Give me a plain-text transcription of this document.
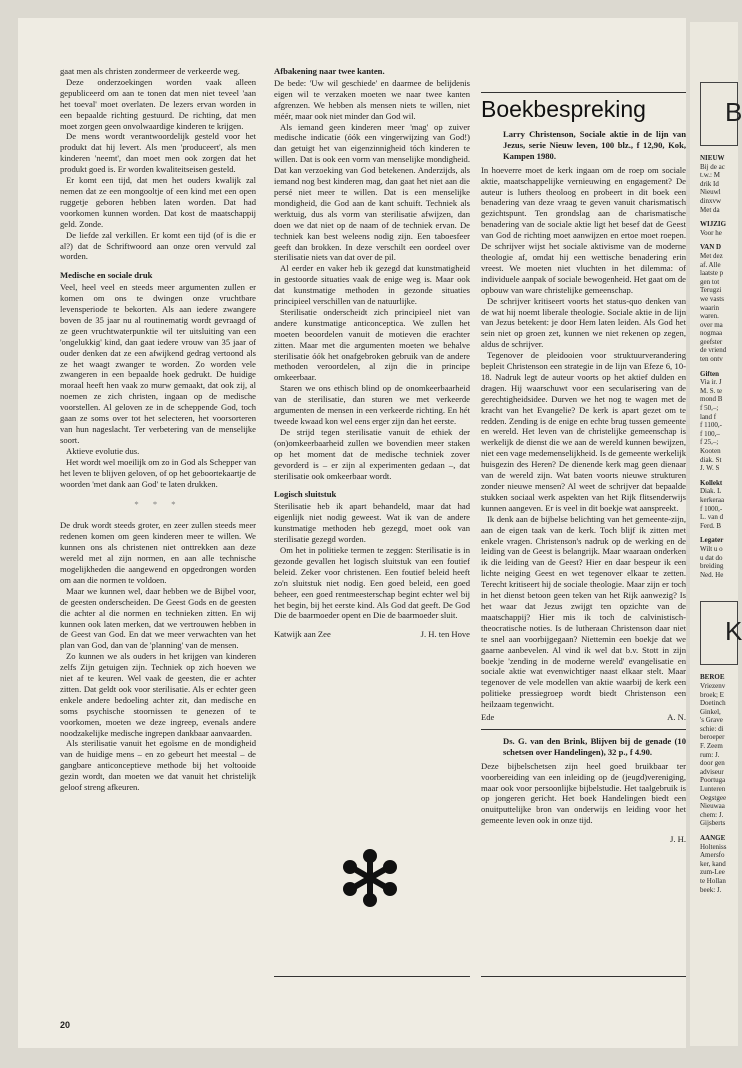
gaat men als christen zondermeer de verkeerde weg.

Deze onderzoekingen worden vaak alleen gepubliceerd om aan te tonen dat men niet teveel 'aan het toeval' moet overlaten. De lezers ervan worden in een bepaalde richting gestuurd. De richting, dat men moet zorgen geen onvolwaardige kinderen te krijgen.

De mens wordt verantwoordelijk gesteld voor het produkt dat hij levert. Als men 'produceert', als men kinderen 'neemt', dan moet men ook zorgen dat het produkt goed is. Er worden kwaliteitseisen gesteld.

Er komt een tijd, dat men het ouders kwalijk zal nemen dat ze een mongooltje of een kind met een open ruggetje geboren hebben laten worden. Dat had voorkomen kunnen worden. Dat kost de maatschappij geld. Zonde.

De liefde zal verkillen. Er komt een tijd (of is die er al?) dat de Schriftwoord aan onze oren vervuld zal worden.

Medische en sociale druk

Veel, heel veel en steeds meer argumenten zullen er komen om ons te dwingen onze vruchtbare levensperiode te bekorten. Als aan iedere zwangere boven de 35 jaar nu al routinematig wordt gevraagd of ze geen vruchtwaterpunktie wil ter uitsluiting van een 'ongelukkig' kind, dan gaat iedere vrouw van 35 jaar of ouder denken dat ze een afwijkend gedrag vertoond als ze het waagt zwanger te worden. Zo worden vele zwangeren in een bepaalde hoek gedrukt. De huidige moraal heeft hen vaak zo murw gemaakt, dat ook zij, al noemen ze zich christen, ingaan op de medische voorstellen. Al geloven ze in de scheppende God, toch gaan ze soms over tot het selecteren, het voorsorteren van hun nageslacht. Ter verbetering van de menselijke soort.

Aktieve evolutie dus.

Het wordt wel moeilijk om zo in God als Schepper van het leven te blijven geloven, of op het geboortekaartje de woorden 'met dank aan God' te laten drukken.

* * *

De druk wordt steeds groter, en zeer zullen steeds meer redenen komen om geen kinderen meer te willen. We kunnen ons als christenen niet onttrekken aan deze wereld met al zijn normen, en aan alle technische mogelijkheden die aangewend en opgedrongen worden om aan die normen te voldoen.

Maar we kunnen wel, daar hebben we de Bijbel voor, de geesten onderscheiden. De Geest Gods en de geesten die achter al die normen en technieken zitten. En wij kunnen ook laten merken, dat we vertrouwen hebben in de Geest van God. En dat we meer verwachten van het plan van God, dan van de 'planning' van de mensen.

Zo kunnen we als ouders in het krijgen van kinderen zelfs Zijn getuigen zijn. Techniek op zich hoeven we niet af te keuren. Wel vaak de geesten, die er achter zitten. Dat geldt ook voor sterilisatie. Als er echter geen enkele andere bedoeling achter zit, dan medische en soms psychische stoornissen te genezen of te voorkomen, moeten we deze ingreep, evenals andere noodzakelijke medische ingrepen dankbaar aanvaarden.

Als sterilisatie vanuit het egoïsme en de mondigheid van de huidige mens – en zo gebeurt het meestal – de gangbare anticonceptieve methode bij het voltooide gezin wordt, dan moeten we dat vanuit het christelijk geloof streng afkeuren.

Afbakening naar twee kanten.

De bede: 'Uw wil geschiede' en daarmee de belijdenis eigen wil te verzaken moeten we naar twee kanten afgrenzen. We hebben als mensen niets te willen, niet méér, maar ook niet minder dan God wil.

Als iemand geen kinderen meer 'mag' op zuiver medische indicatie (óók een vingerwijzing van God!) dan getuigt het van eigenzinnigheid tóch kinderen te willen. Dat is ook een vorm van menselijke mondigheid. Dat kan verzoeking van God betekenen. Anderzijds, als iemand nog best kinderen mag, dan gaat het niet aan die persé niet meer te willen. Dat is een menselijke mondigheid, die God aan de kant schuift. Techniek als werktuig, dus als vorm van sterilisatie afwijzen, dan doen we dat niet op de naam of de techniek ervan. De techniek kan best weleens nodig zijn. Een taboesfeer geeft dan brokken. In deze verschilt een oordeel over sterilisatie niets van dat over de pil.

Al eerder en vaker heb ik gezegd dat kunstmatigheid in gestoorde situaties vaak de enige weg is. Maar ook dat kunstmatige methoden in gezonde situaties principieel verschillen van de natuurlijke.

Sterilisatie onderscheidt zich principieel niet van andere kunstmatige anticonceptica. We zullen het moeten beoordelen vanuit de motieven die erachter zitten. Maar met die argumenten moeten we behalve sterilisatie óók het onafgebroken gebruik van de andere methoden veroordelen, al zijn die in principe omkeerbaar.

Staren we ons ethisch blind op de onomkeerbaarheid van de sterilisatie, dan sturen we met verkeerde argumenten de mensen in een verkeerde richting. En hét tweede kwaad kon wel eens erger zijn dan het eerste.

De strijd tegen sterilisatie vanuit de ethiek der (on)omkeerbaarheid zullen we bovendien meer staken op het moment dat de medische techniek zover gevorderd is – er zijn al experimenten gedaan –, dat sterilisatie ook omkeerbaar wordt.

Logisch sluitstuk

Sterilisatie heb ik apart behandeld, maar dat had eigenlijk niet nodig geweest. Wat ik van de andere kunstmatige methoden heb gezegd, moet ook van sterilisatie gezegd worden.

Om het in politieke termen te zeggen: Sterilisatie is in gezonde gevallen het logisch sluitstuk van een foutief beleid. Zeker voor christenen. Een foutief beleid heeft zo'n sluitstuk niet nodig. Een goed beleid, een goed beheer, een goed rentmeesterschap begint echter wel bij het begin, bij het eerste kind. Als God dat geeft. De God Die de baarmoeder opent en Die de baarmoeder sluit.

Katwijk aan Zee	J. H. ten Hove
Boekbespreking
Larry Christenson, Sociale aktie in de lijn van Jezus, serie Nieuw leven, 100 blz., f 12,90, Kok, Kampen 1980.

In hoeverre moet de kerk ingaan om de roep om sociale aktie, maatschappelijke vernieuwing en engagement? De auteur is luthers theoloog en probeert in dit boek een benadering van deze vraag te geven vanuit charismatisch gezichtspunt. Ten grondslag aan de charismatische benadering van de sociale aktie ligt het besef dat de Geest van God de richting moet aanwijzen en ertoe moet roepen. De schrijver wijst het sociale aktivisme van de moderne theologie af, omdat hij een wettische benadering erin vreest. We moeten niet vluchten in het dilemma: of individuele aanpak of sociale bewogenheid. Het gaat om de opbouw van ware christelijke gemeenschap.

De schrijver kritiseert voorts het status-quo denken van de wat hij noemt liberale theologie. Sociale aktie in de lijn van Jezus betekent: je door Hem laten leiden. Als God het sein niet op groen zet, kunnen we niet rekenen op zegen, aldus de schrijver.

Tegenover de pleidooien voor struktuurverandering bepleit Christenson een strategie in de lijn van Efeze 6, 10-18. Nadruk legt de auteur voorts op het aktief dulden en dragen. Hij waarschuwt voor een secularisering van de gerechtigheidsidee. Durven we het nog te wagen met de kracht van het Evangelie? De kerk is apart gezet om te redden. Zending is de enige en echte brug tussen gemeente en wereld. Het leven van de christelijke gemeenschap is werkelijk de dienst die we aan de wereld kunnen bewijzen, niet een vage medemenselijkheid. Is de gemeente werkelijk huisgezin des Heren? De dienende kerk mag geen dienaar van de wereld zijn. Wat baten voorts nieuwe strukturen zonder nieuwe mensen? Al weet de schrijver dat bepaalde stukken sociaal werk aspekten van het Rijk flitsenderwijs kunnen aangeven. Er is veel in dit boekje wat aanspreekt.

Ik denk aan de bijbelse belichting van het gemeente-zijn, aan de eigen taak van de kerk. Toch blijf ik zitten met enkele vragen. Christenson's nadruk op de werking en de leiding van de Geest is belangrijk. Maar waaraan onderken ik die leiding van de Geest? Hier en daar bespeur ik een lichte neiging Geest en wet tegenover elkaar te zetten. Terecht kritiseert hij de sociale theologie. Maar zijn er toch in het dienst betoon geen teken van het Rijk aanwezig? Is het waar dat Jezus zwijgt ten opzichte van de maatschappij? Hier mis ik toch de calvinistisch-theocratische noties. Is de lutheraan Christenson daar niet te snel aan voorbijgegaan? Niettemin een boekje dat we gaarne aanbevelen. Al vind ik wel dat b.v. Stott in zijn boekje 'zending in de moderne wereld' evangelisatie en sociale aktie wat evenwichtiger naast elkaar stelt. Maar tegenover de vele modellen van aktie waarbij de kerk een politieke pressiegroep wordt biedt Christenson een heilzaam tegenwicht.

Ede	A. N.
Ds. G. van den Brink, Blijven bij de genade (10 schetsen over Handelingen), 32 p., f 4.90.

Deze bijbelschetsen zijn heel goed bruikbaar ter voorbereiding van een inleiding op de (jeugd)vereniging, maar ook voor persoonlijke bijbelstudie. Het taalgebruik is op jongeren gericht. Het boek Handelingen biedt een onuitputtelijke bron van onderwijs en leiding voor het gemeente leven ook in onze tijd.

J. H.
20
B
NIEUW
Bij de ac
t.w.: M
drik Id
Nieuwl
dinxvw
Met da
WIJZIG
Voor he
VAN D
Met dez
af. Alle
laatste p
gen tot
Terugzi
we vasts
waarin
waren.
over ma
nogmaa
geefster
de vriend
ten ontv
Giften
Via ir. J
M. S. te
mond B
f 50,–;
land f
f 1100,-
f 100,–
f 25,–;
Kooten
diak. St
J. W. S
Kollekt
Diak. L
kerkeraa
f 1000,-
L. van d
Ferd. B
Legater
Wilt u o
u dat do
breiding
Ned. He
K
BEROE
Vriezenv
broek; E
Doetinch
Ginkel,
's Grave
schie: di
beroeper
F. Zeem
rum: J.
door gen
adviseur
Poortuga
Lunteren
Oegstgee
Nieuwaa
chem: J.
Gijsberts
AANGE
Holteniss
Amersfo
ker, kand
zum-Lee
te Hollan
beek: J.
